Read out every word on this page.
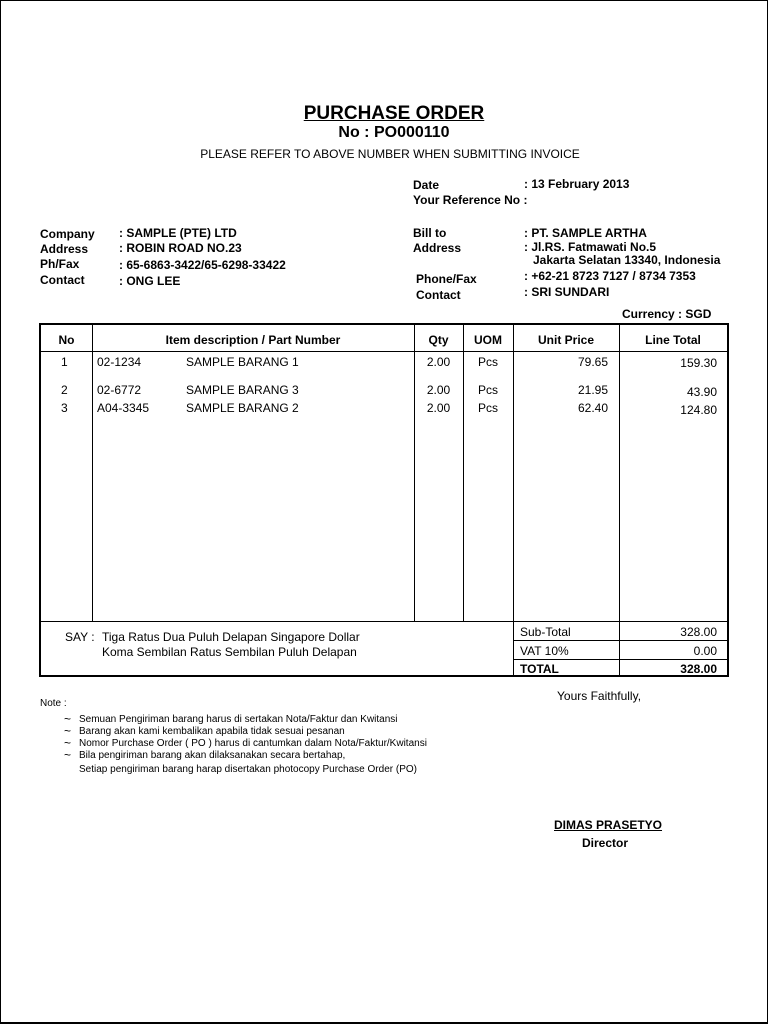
PURCHASE ORDER
No : PO000110
PLEASE REFER TO ABOVE NUMBER WHEN SUBMITTING INVOICE
Date	: 13 February 2013
Your Reference No :
Company : SAMPLE (PTE) LTD
Address	: ROBIN ROAD NO.23
Ph/Fax	: 65-6863-3422/65-6298-33422
Contact	: ONG LEE
Bill to	: PT. SAMPLE ARTHA
Address	: Jl.RS. Fatmawati No.5
Jakarta Selatan 13340, Indonesia
Phone/Fax	: +62-21 8723 7127 / 8734 7353
Contact	: SRI SUNDARI
Currency : SGD
No	Item description / Part Number	Qty	UOM	Unit Price	Line Total
1 02-1234	SAMPLE BARANG 1	2.00	Pcs	79.65	159.30
2 02-6772	SAMPLE BARANG 3	2.00	Pcs	21.95	43.90
3 A04-3345	SAMPLE BARANG 2	2.00	Pcs	62.40	124.80
SAY : Tiga Ratus Dua Puluh Delapan Singapore Dollar
Koma Sembilan Ratus Sembilan Puluh Delapan
Sub-Total	328.00
VAT 10%	0.00
TOTAL	328.00
Yours Faithfully,
Note :
~ Semuan Pengiriman barang harus di sertakan Nota/Faktur dan Kwitansi
~ Barang akan kami kembalikan apabila tidak sesuai pesanan
~ Nomor Purchase Order ( PO ) harus di cantumkan dalam Nota/Faktur/Kwitansi
~ Bila pengiriman barang akan dilaksanakan secara bertahap,
Setiap pengiriman barang harap disertakan photocopy Purchase Order (PO)
DIMAS PRASETYO
Director
